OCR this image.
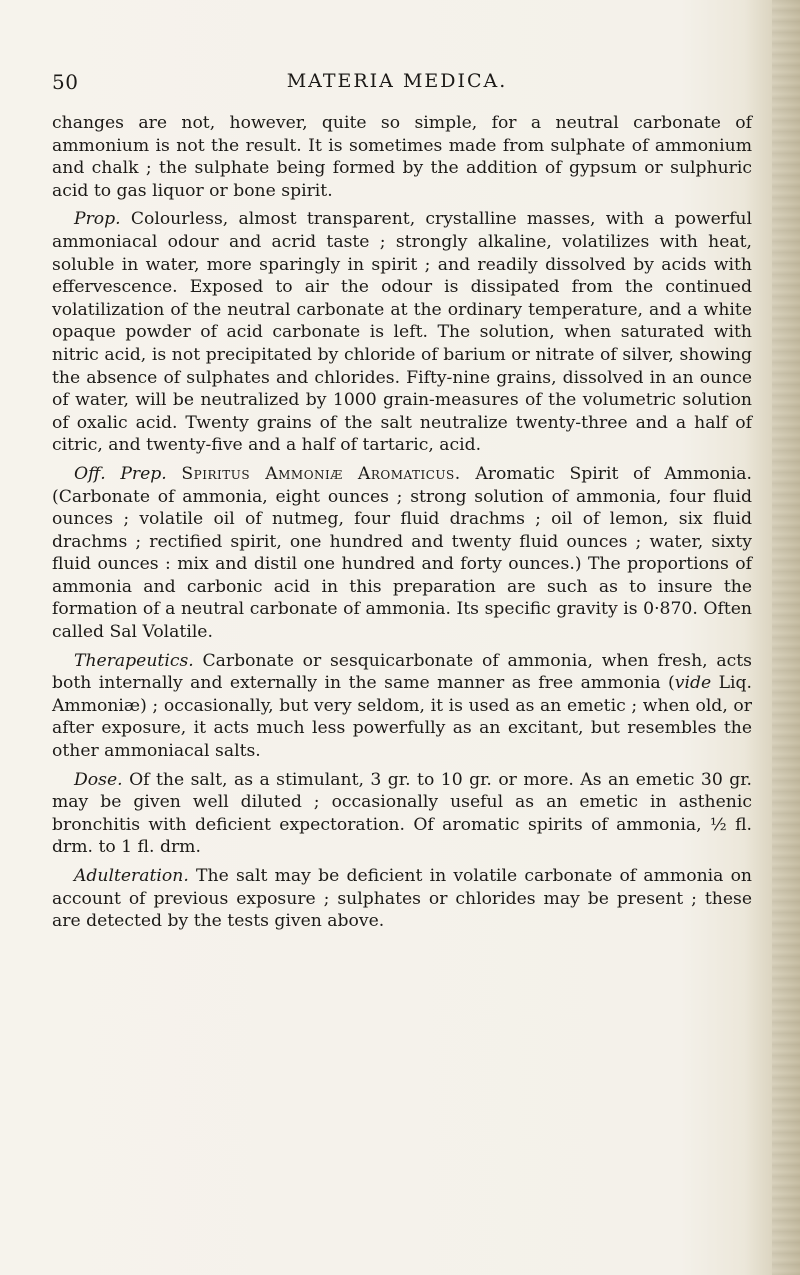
50	MATERIA MEDICA.

changes are not, however, quite so simple, for a neutral carbonate of ammonium is not the result. It is sometimes made from sulphate of ammonium and chalk ; the sulphate being formed by the addition of gypsum or sulphuric acid to gas liquor or bone spirit.

Prop. Colourless, almost transparent, crystalline masses, with a powerful ammoniacal odour and acrid taste ; strongly alkaline, volatilizes with heat, soluble in water, more sparingly in spirit ; and readily dissolved by acids with effervescence. Exposed to air the odour is dissipated from the continued volatilization of the neutral carbonate at the ordinary temperature, and a white opaque powder of acid carbonate is left. The solution, when saturated with nitric acid, is not precipitated by chloride of barium or nitrate of silver, showing the absence of sulphates and chlorides. Fifty-nine grains, dissolved in an ounce of water, will be neutralized by 1000 grain-measures of the volumetric solution of oxalic acid. Twenty grains of the salt neutralize twenty-three and a half of citric, and twenty-five and a half of tartaric, acid.

Off. Prep. Spiritus Ammoniæ Aromaticus. Aromatic Spirit of Ammonia. (Carbonate of ammonia, eight ounces ; strong solution of ammonia, four fluid ounces ; volatile oil of nutmeg, four fluid drachms ; oil of lemon, six fluid drachms ; rectified spirit, one hundred and twenty fluid ounces ; water, sixty fluid ounces : mix and distil one hundred and forty ounces.) The proportions of ammonia and carbonic acid in this preparation are such as to insure the formation of a neutral carbonate of ammonia. Its specific gravity is 0·870. Often called Sal Volatile.

Therapeutics. Carbonate or sesquicarbonate of ammonia, when fresh, acts both internally and externally in the same manner as free ammonia (vide Liq. Ammoniæ) ; occasionally, but very seldom, it is used as an emetic ; when old, or after exposure, it acts much less powerfully as an excitant, but resembles the other ammoniacal salts.

Dose. Of the salt, as a stimulant, 3 gr. to 10 gr. or more. As an emetic 30 gr. may be given well diluted ; occasionally useful as an emetic in asthenic bronchitis with deficient expectoration. Of aromatic spirits of ammonia, ½ fl. drm. to 1 fl. drm.

Adulteration. The salt may be deficient in volatile carbonate of ammonia on account of previous exposure ; sulphates or chlorides may be present ; these are detected by the tests given above.
